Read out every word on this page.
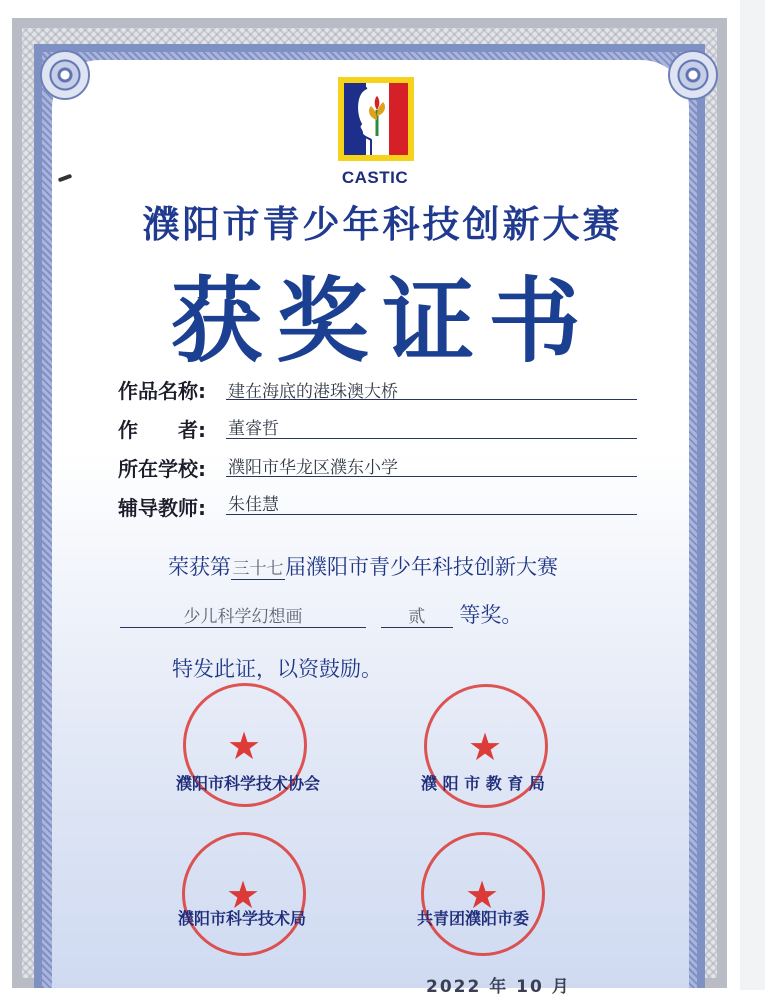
CASTIC
濮阳市青少年科技创新大赛
获奖证书
作品名称:	建在海底的港珠澳大桥
作　　者:	董睿哲
所在学校:	濮阳市华龙区濮东小学
辅导教师:	朱佳慧
荣获第三十七届濮阳市青少年科技创新大赛
少儿科学幻想画	贰 等奖。
特发此证，以资鼓励。
★	★
★	★
濮阳市科学技术协会	濮 阳 市 教 育 局
濮阳市科学技术局	共青团濮阳市委
2022 年 10 月
